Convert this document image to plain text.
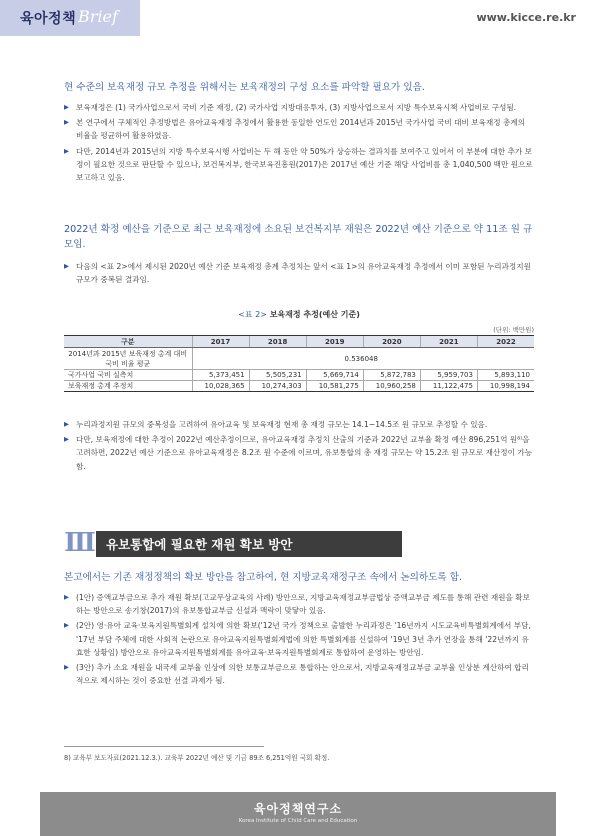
육아정책 Brief	www.kicce.re.kr

현 수준의 보육재정 규모 추정을 위해서는 보육재정의 구성 요소를 파악할 필요가 있음.

▶ 보육재정은 (1) 국가사업으로서 국비 기준 재정, (2) 국가사업 지방대응투자, (3) 지방사업으로서 지방 특수보육시책 사업비로 구성됨.
▶ 본 연구에서 구체적인 추정방법은 유아교육재정 추정에서 활용한 동일한 연도인 2014년과 2015년 국가사업 국비 대비 보육재정 총계의 비율을 평균하여 활용하였음.
▶ 다만, 2014년과 2015년의 지방 특수보육시행 사업비는 두 해 동안 약 50%가 상승하는 결과치를 보여주고 있어서 이 부분에 대한 추가 보정이 필요한 것으로 판단할 수 있으나, 보건복지부, 한국보육진흥원(2017)은 2017년 예산 기준 해당 사업비를 총 1,040,500 백만 원으로 보고하고 있음.

2022년 확정 예산을 기준으로 최근 보육재정에 소요된 보건복지부 재원은 2022년 예산 기준으로 약 11조 원 규모임.

▶ 다음의 <표 2>에서 제시된 2020년 예산 기준 보육재정 총계 추정치는 앞서 <표 1>의 유아교육재정 추정에서 이미 포함된 누리과정지원 규모가 중복된 결과임.
<표 2> 보육재정 추정(예산 기준)
(단위: 백만원)
구분	2017	2018	2019	2020	2021	2022
2014년과 2015년 보육재정 총계 대비 국비 비율 평균	0.536048					
국가사업 국비 실측치	5,373,451	5,505,231	5,669,714	5,872,783	5,959,703	5,893,110
보육재정 총계 추정치	10,028,365	10,274,303	10,581,275	10,960,258	11,122,475	10,998,194
▶ 누리과정지원 규모의 중복성을 고려하여 유아교육 및 보육재정 현재 총 재정 규모는 14.1~14.5조 원 규모로 추정할 수 있음.
▶ 다만, 보육재정에 대한 추정이 2022년 예산추정이므로, 유아교육재정 추정치 산출의 기준과 2022년 교부율 확정 예산 896,251억 원⁸⁾을 고려하면, 2022년 예산 기준으로 유아교육재정은 8.2조 원 수준에 이르며, 유보통합의 총 재정 규모는 약 15.2조 원 규모로 재산정이 가능함.
Ⅲ 유보통합에 필요한 재원 확보 방안

본고에서는 기존 재정정책의 확보 방안을 참고하여, 현 지방교육재정구조 속에서 논의하도록 함.

▶ (1안) 증액교부금으로 추가 재원 확보(고교무상교육의 사례) 방안으로, 지방교육재정교부금법상 증액교부금 제도를 통해 관련 재원을 확보하는 방안으로 송기창(2017)의 유보통합교부금 신설과 맥락이 맞닿아 있음.
▶ (2안) 영·유아 교육·보육지원특별회계 설치에 의한 확보('12년 국가 정책으로 출발한 누리과정은 '16년까지 시도교육비특별회계에서 부담, '17년 부담 주체에 대한 사회적 논란으로 유아교육지원특별회계법에 의한 특별회계를 신설하여 '19년 3년 추가 연장을 통해 '22년까지 유효한 상황임) 방안으로 유아교육지원특별회계를 유아교육·보육지원특별회계로 통합하여 운영하는 방안임.
▶ (3안) 추가 소요 재원을 내국세 교부율 인상에 의한 보통교부금으로 통합하는 안으로서, 지방교육재정교부금 교부율 인상분 계산하여 합리적으로 제시하는 것이 중요한 선결 과제가 됨.
8) 교육부 보도자료(2021.12.3.). 교육부 2022년 예산 및 기금 89조 6,251억원 국회 확정.
육아정책연구소
Korea Institute of Child Care and Education
